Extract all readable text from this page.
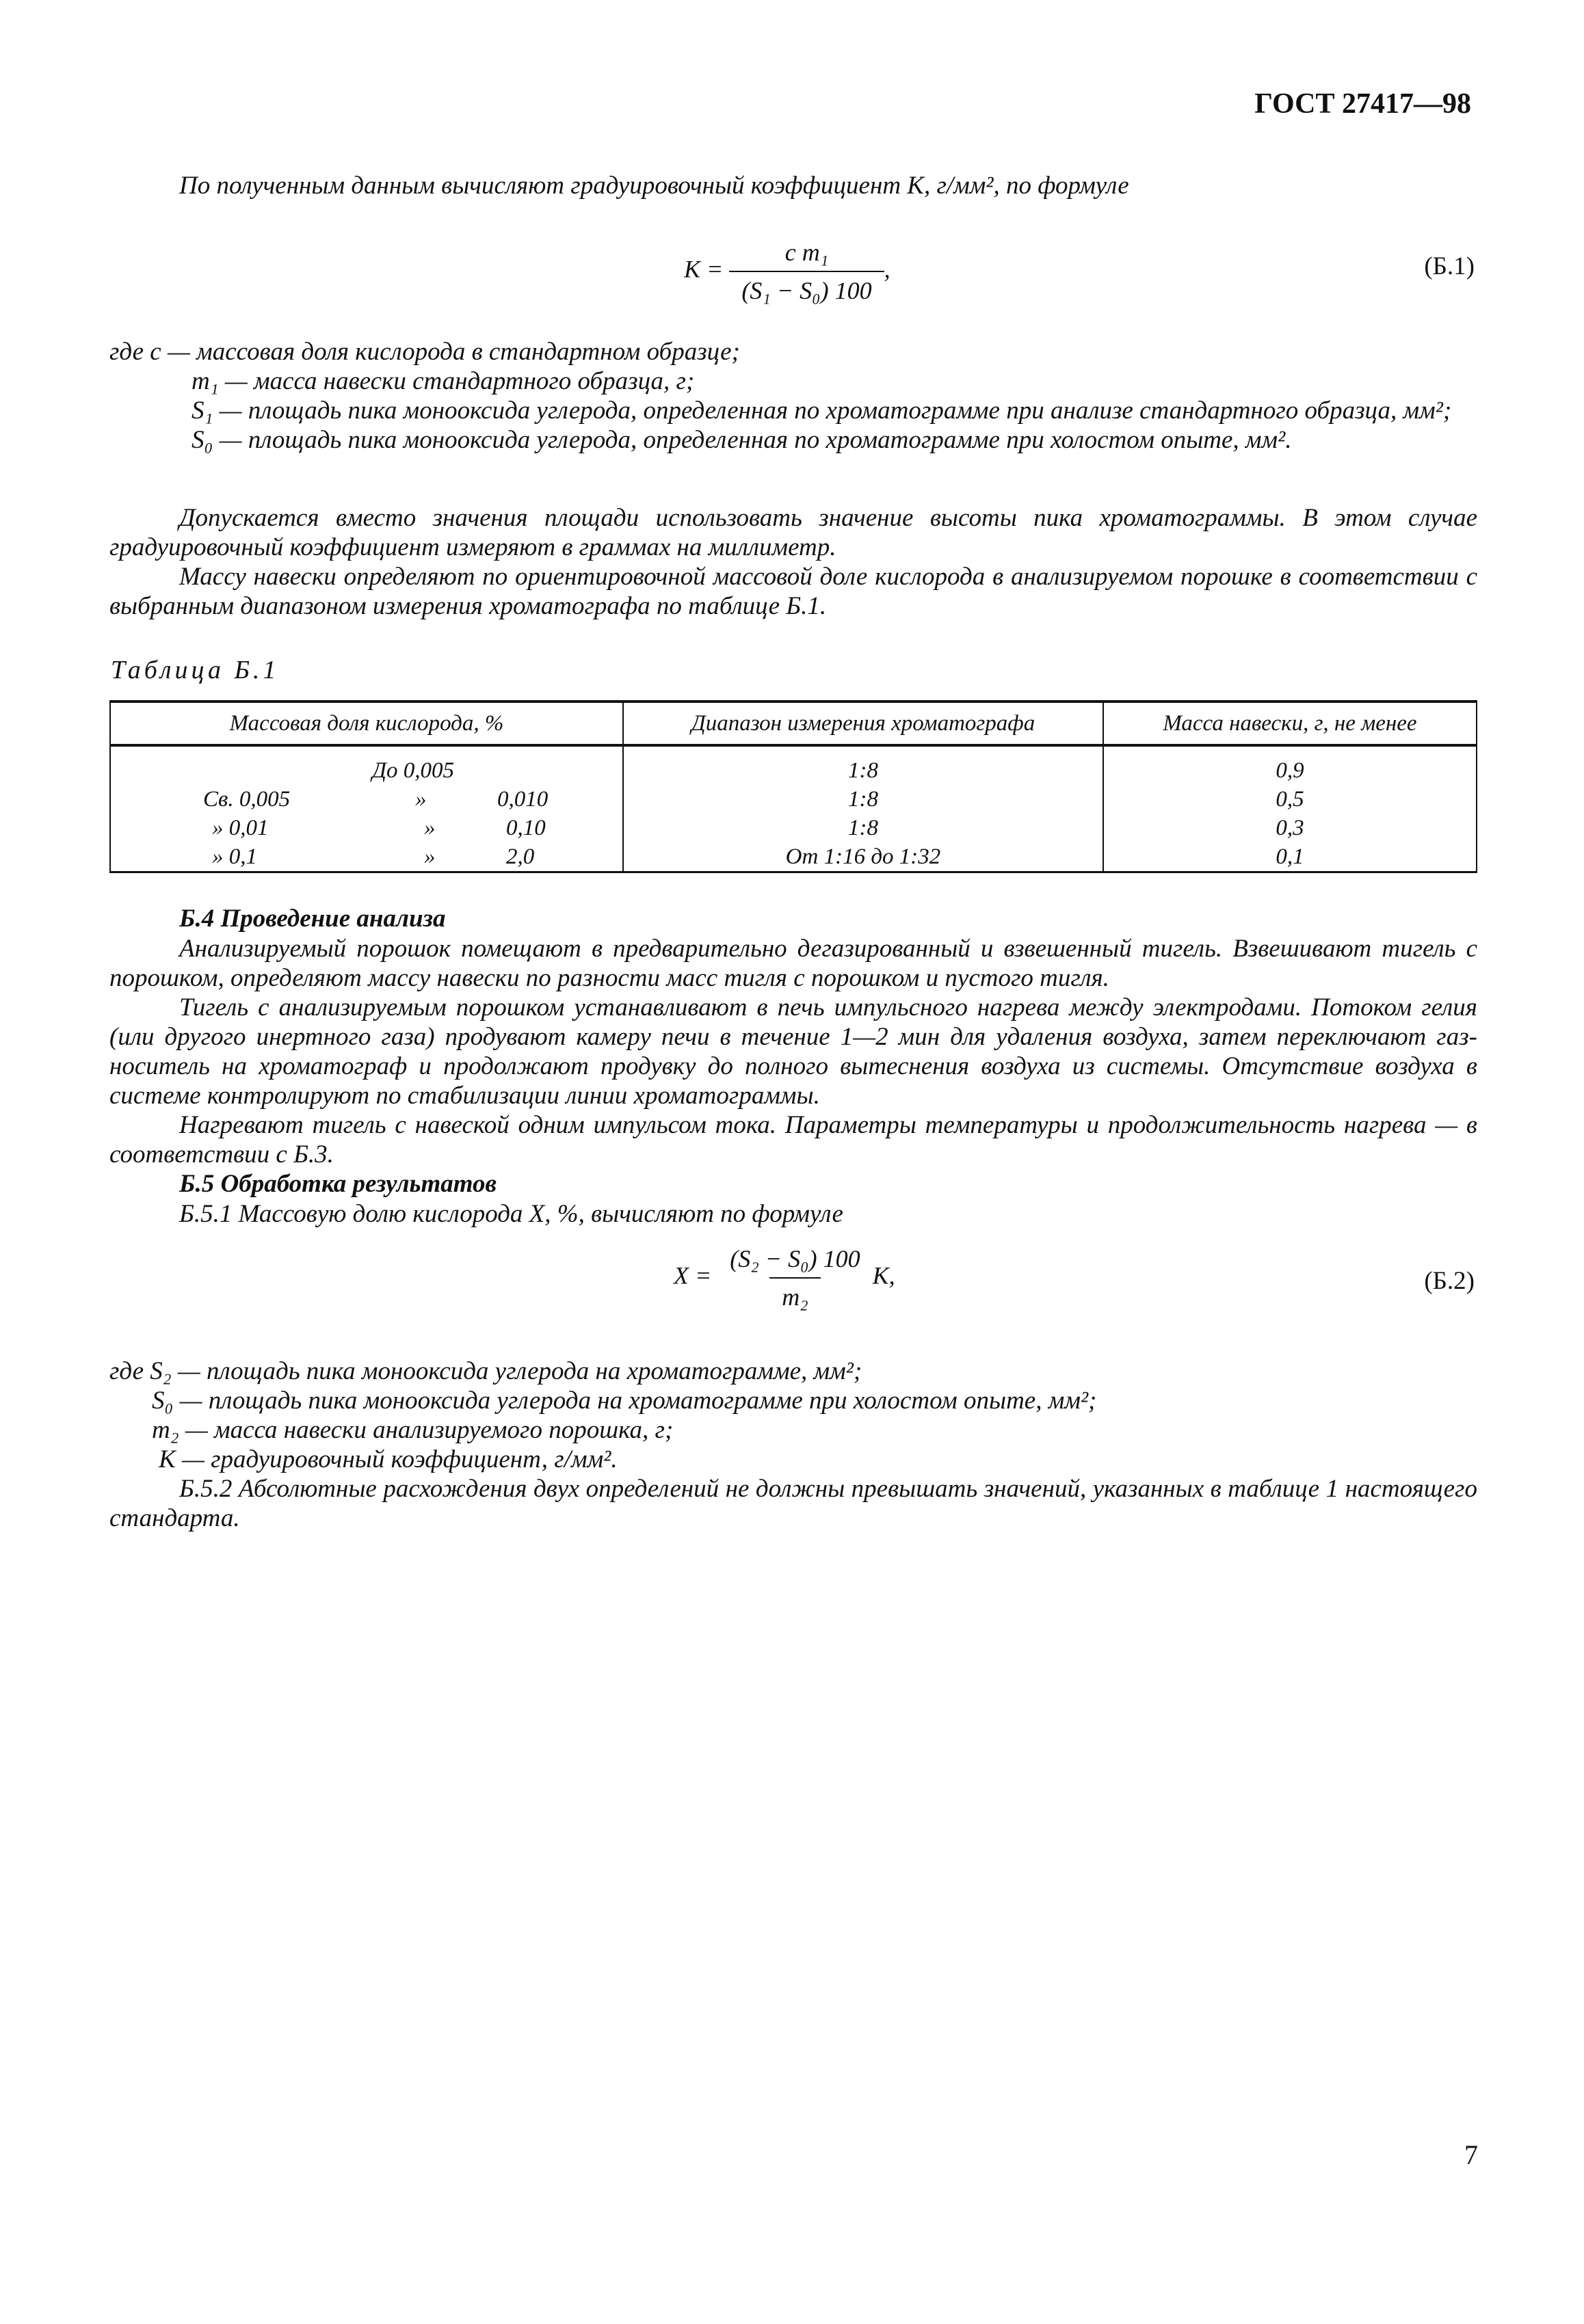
ГОСТ 27417—98
По полученным данным вычисляют градуировочный коэффициент K, г/мм², по формуле
$K = \frac{\text{c m₁}}{\text{(S₁ − S₀) 100}}$ ,	(Б.1)
где c — массовая доля кислорода в стандартном образце;
m₁ — масса навески стандартного образца, г;
S₁ — площадь пика монооксида углерода, определенная по хроматограмме при анализе стандартного образца, мм²;
S₀ — площадь пика монооксида углерода, определенная по хроматограмме при холостом опыте, мм².
Допускается вместо значения площади использовать значение высоты пика хроматограммы. В этом случае градуировочный коэффициент измеряют в граммах на миллиметр.
Массу навески определяют по ориентировочной массовой доле кислорода в анализируемом порошке в соответствии с выбранным диапазоном измерения хроматографа по таблице Б.1.
Таблица Б.1
Массовая доля кислорода, %	Диапазон измерения хроматографа	Масса навески, г, не менее

До 0,005	1:8	0,9

Св. 0,005 » 0,010	1:8	0,5

» 0,01 » 0,10	1:8	0,3

» 0,1 » 2,0	От 1:16 до 1:32	0,1
Б.4 Проведение анализа
Анализируемый порошок помещают в предварительно дегазированный и взвешенный тигель. Взвешивают тигель с порошком, определяют массу навески по разности масс тигля с порошком и пустого тигля.
Тигель с анализируемым порошком устанавливают в печь импульсного нагрева между электродами. Потоком гелия (или другого инертного газа) продувают камеру печи в течение 1—2 мин для удаления воздуха, затем переключают газ-носитель на хроматограф и продолжают продувку до полного вытеснения воздуха из системы. Отсутствие воздуха в системе контролируют по стабилизации линии хроматограммы.
Нагревают тигель с навеской одним импульсом тока. Параметры температуры и продолжительность нагрева — в соответствии с Б.3.
Б.5 Обработка результатов
Б.5.1 Массовую долю кислорода X, %, вычисляют по формуле
$X = \frac{\text{(S₂ − S₀) 100}}{\text{m₂}} K$,	(Б.2)
где S₂ — площадь пика монооксида углерода на хроматограмме, мм²;
S₀ — площадь пика монооксида углерода на хроматограмме при холостом опыте, мм²;
m₂ — масса навески анализируемого порошка, г;
K — градуировочный коэффициент, г/мм².
Б.5.2 Абсолютные расхождения двух определений не должны превышать значений, указанных в таблице 1 настоящего стандарта.
7
